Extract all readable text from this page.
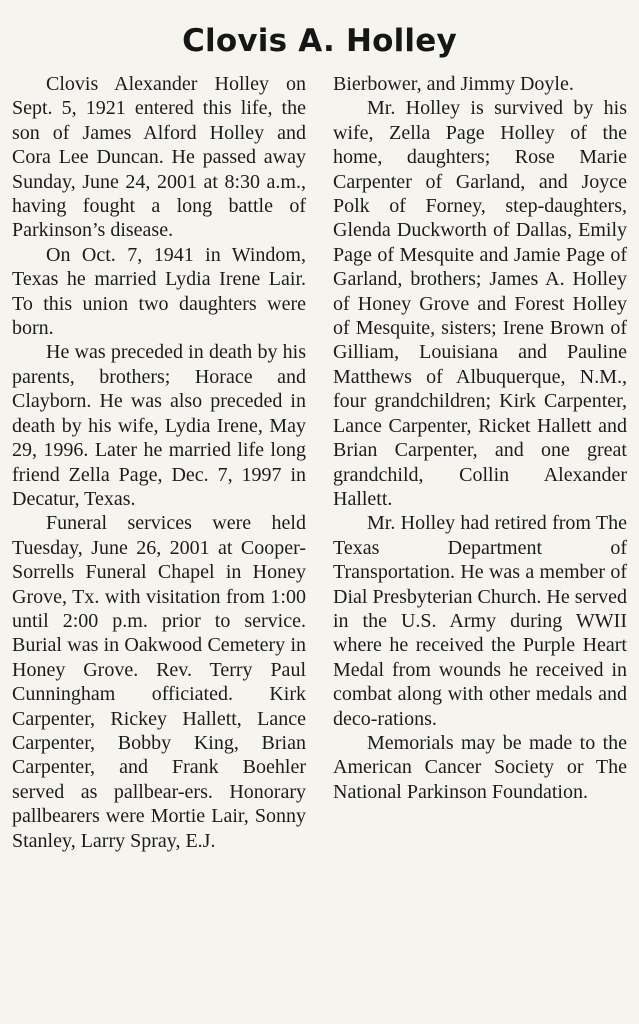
Clovis A. Holley

Clovis Alexander Holley on Sept. 5, 1921 entered this life, the son of James Alford Holley and Cora Lee Duncan. He passed away Sunday, June 24, 2001 at 8:30 a.m., having fought a long battle of Parkinson’s disease.

On Oct. 7, 1941 in Windom, Texas he married Lydia Irene Lair. To this union two daughters were born.

He was preceded in death by his parents, brothers; Horace and Clayborn. He was also preceded in death by his wife, Lydia Irene, May 29, 1996. Later he married life long friend Zella Page, Dec. 7, 1997 in Decatur, Texas.

Funeral services were held Tuesday, June 26, 2001 at Cooper-Sorrells Funeral Chapel in Honey Grove, Tx. with visitation from 1:00 until 2:00 p.m. prior to service. Burial was in Oakwood Cemetery in Honey Grove. Rev. Terry Paul Cunningham officiated. Kirk Carpenter, Rickey Hallett, Lance Carpenter, Bobby King, Brian Carpenter, and Frank Boehler served as pallbear-ers. Honorary pallbearers were Mortie Lair, Sonny Stanley, Larry Spray, E.J.

Bierbower, and Jimmy Doyle.

Mr. Holley is survived by his wife, Zella Page Holley of the home, daughters; Rose Marie Carpenter of Garland, and Joyce Polk of Forney, step-daughters, Glenda Duckworth of Dallas, Emily Page of Mesquite and Jamie Page of Garland, brothers; James A. Holley of Honey Grove and Forest Holley of Mesquite, sisters; Irene Brown of Gilliam, Louisiana and Pauline Matthews of Albuquerque, N.M., four grandchildren; Kirk Carpenter, Lance Carpenter, Ricket Hallett and Brian Carpenter, and one great grandchild, Collin Alexander Hallett.

Mr. Holley had retired from The Texas Department of Transportation. He was a member of Dial Presbyterian Church. He served in the U.S. Army during WWII where he received the Purple Heart Medal from wounds he received in combat along with other medals and deco-rations.

Memorials may be made to the American Cancer Society or The National Parkinson Foundation.
